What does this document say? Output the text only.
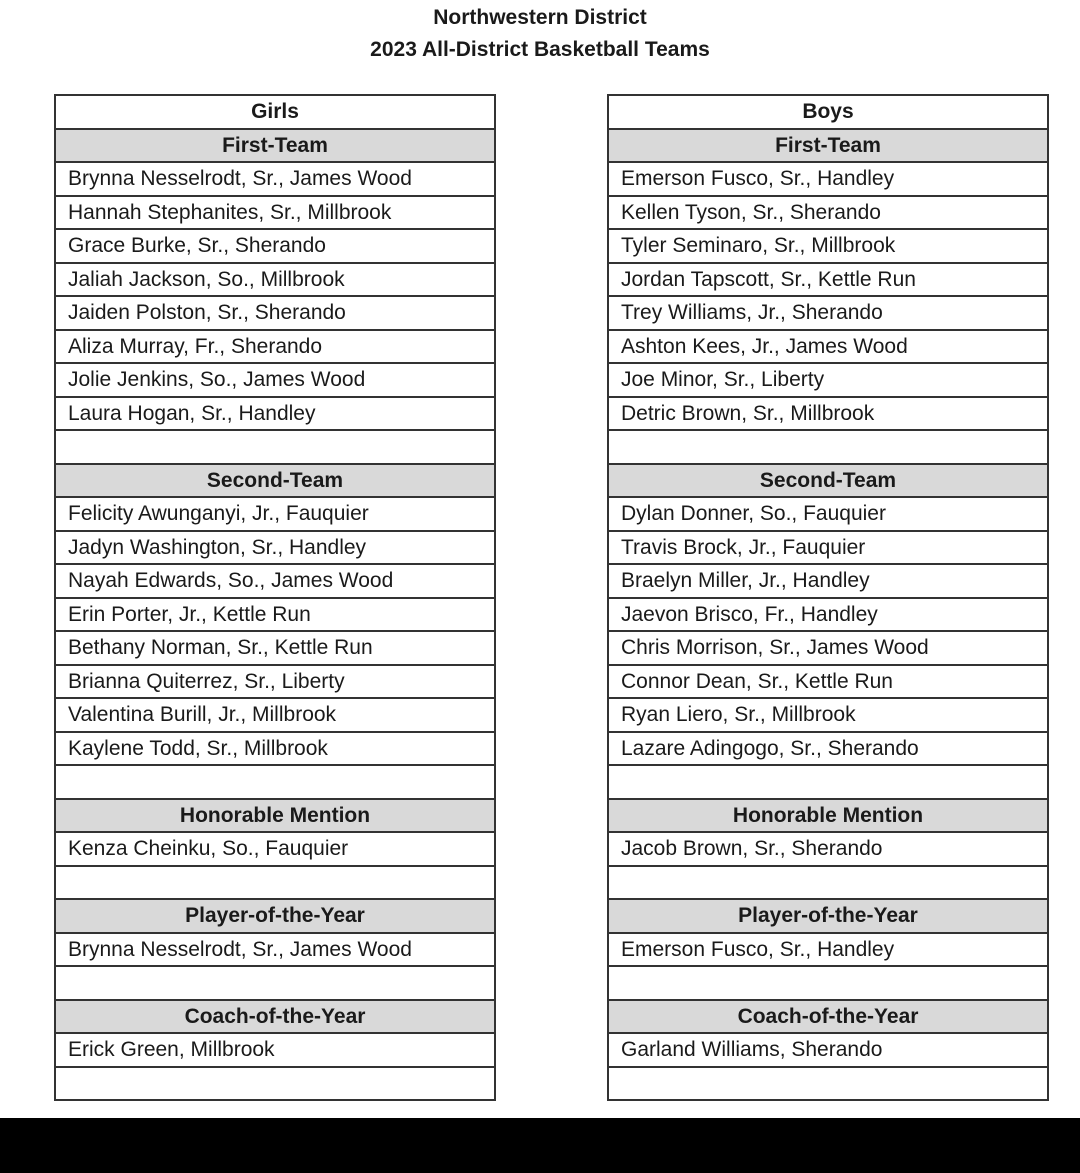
Northwestern District
2023 All-District Basketball Teams
Girls
First-Team
Brynna Nesselrodt, Sr., James Wood
Hannah Stephanites, Sr., Millbrook
Grace Burke, Sr., Sherando
Jaliah Jackson, So., Millbrook
Jaiden Polston, Sr., Sherando
Aliza Murray, Fr., Sherando
Jolie Jenkins, So., James Wood
Laura Hogan, Sr., Handley
Second-Team
Felicity Awunganyi, Jr., Fauquier
Jadyn Washington, Sr., Handley
Nayah Edwards, So., James Wood
Erin Porter, Jr., Kettle Run
Bethany Norman, Sr., Kettle Run
Brianna Quiterrez, Sr., Liberty
Valentina Burill, Jr., Millbrook
Kaylene Todd, Sr., Millbrook
Honorable Mention
Kenza Cheinku, So., Fauquier
Player-of-the-Year
Brynna Nesselrodt, Sr., James Wood
Coach-of-the-Year
Erick Green, Millbrook
Boys
First-Team
Emerson Fusco, Sr., Handley
Kellen Tyson, Sr., Sherando
Tyler Seminaro, Sr., Millbrook
Jordan Tapscott, Sr., Kettle Run
Trey Williams, Jr., Sherando
Ashton Kees, Jr., James Wood
Joe Minor, Sr., Liberty
Detric Brown, Sr., Millbrook
Second-Team
Dylan Donner, So., Fauquier
Travis Brock, Jr., Fauquier
Braelyn Miller, Jr., Handley
Jaevon Brisco, Fr., Handley
Chris Morrison, Sr., James Wood
Connor Dean, Sr., Kettle Run
Ryan Liero, Sr., Millbrook
Lazare Adingogo, Sr., Sherando
Honorable Mention
Jacob Brown, Sr., Sherando
Player-of-the-Year
Emerson Fusco, Sr., Handley
Coach-of-the-Year
Garland Williams, Sherando
